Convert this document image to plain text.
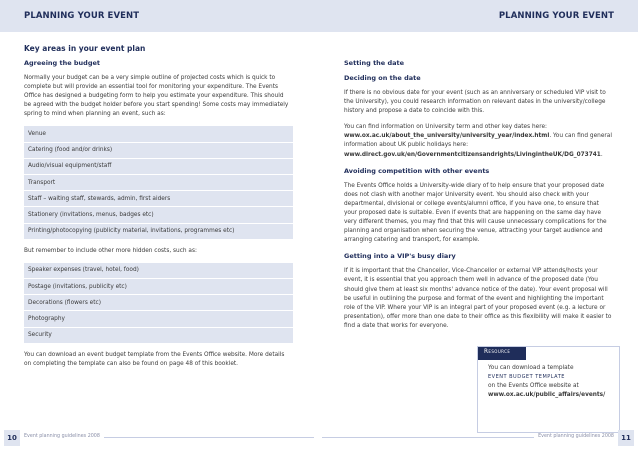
PLANNING YOUR EVENT	PLANNING YOUR EVENT
Key areas in your event plan
Agreeing the budget

Normally your budget can be a very simple outline of projected costs which is quick to complete but will provide an essential tool for monitoring your expenditure. The Events Office has designed a budgeting form to help you estimate your expenditure. This should be agreed with the budget holder before you start spending! Some costs may immediately spring to mind when planning an event, such as:

Venue
Catering (food and/or drinks)
Audio/visual equipment/staff
Transport
Staff – waiting staff, stewards, admin, first aiders
Stationery (invitations, menus, badges etc)
Printing/photocopying (publicity material, invitations, programmes etc)

But remember to include other more hidden costs, such as:

Speaker expenses (travel, hotel, food)
Postage (invitations, publicity etc)
Decorations (flowers etc)
Photography
Security

You can download an event budget template from the Events Office website. More details on completing the template can also be found on page 48 of this booklet.

Setting the date
Deciding on the date

If there is no obvious date for your event (such as an anniversary or scheduled VIP visit to the University), you could research information on relevant dates in the university/college history and propose a date to coincide with this.

You can find information on University term and other key dates here: www.ox.ac.uk/about_the_university/university_year/index.html. You can find general information about UK public holidays here: www.direct.gov.uk/en/Governmentcitizensandrights/LivingintheUK/DG_073741.

Avoiding competition with other events

The Events Office holds a University-wide diary of to help ensure that your proposed date does not clash with another major University event. You should also check with your departmental, divisional or college events/alumni office, if you have one, to ensure that your proposed date is suitable. Even if events that are happening on the same day have very different themes, you may find that this will cause unnecessary complications for the planning and organisation when securing the venue, attracting your target audience and arranging catering and transport, for example.

Getting into a VIP's busy diary

If it is important that the Chancellor, Vice-Chancellor or external VIP attends/hosts your event, it is essential that you approach them well in advance of the proposed date (You should give them at least six months' advance notice of the date). Your event proposal will be useful in outlining the purpose and format of the event and highlighting the important role of the VIP. Where your VIP is an integral part of your proposed event (e.g. a lecture or presentation), offer more than one date to their office as this flexibility will make it easier to find a date that works for everyone.

Resource
You can download a template
EVENT BUDGET TEMPLATE
on the Events Office website at
www.ox.ac.uk/public_affairs/events/
10	Event planning guidelines 2008	Event planning guidelines 2008	11
